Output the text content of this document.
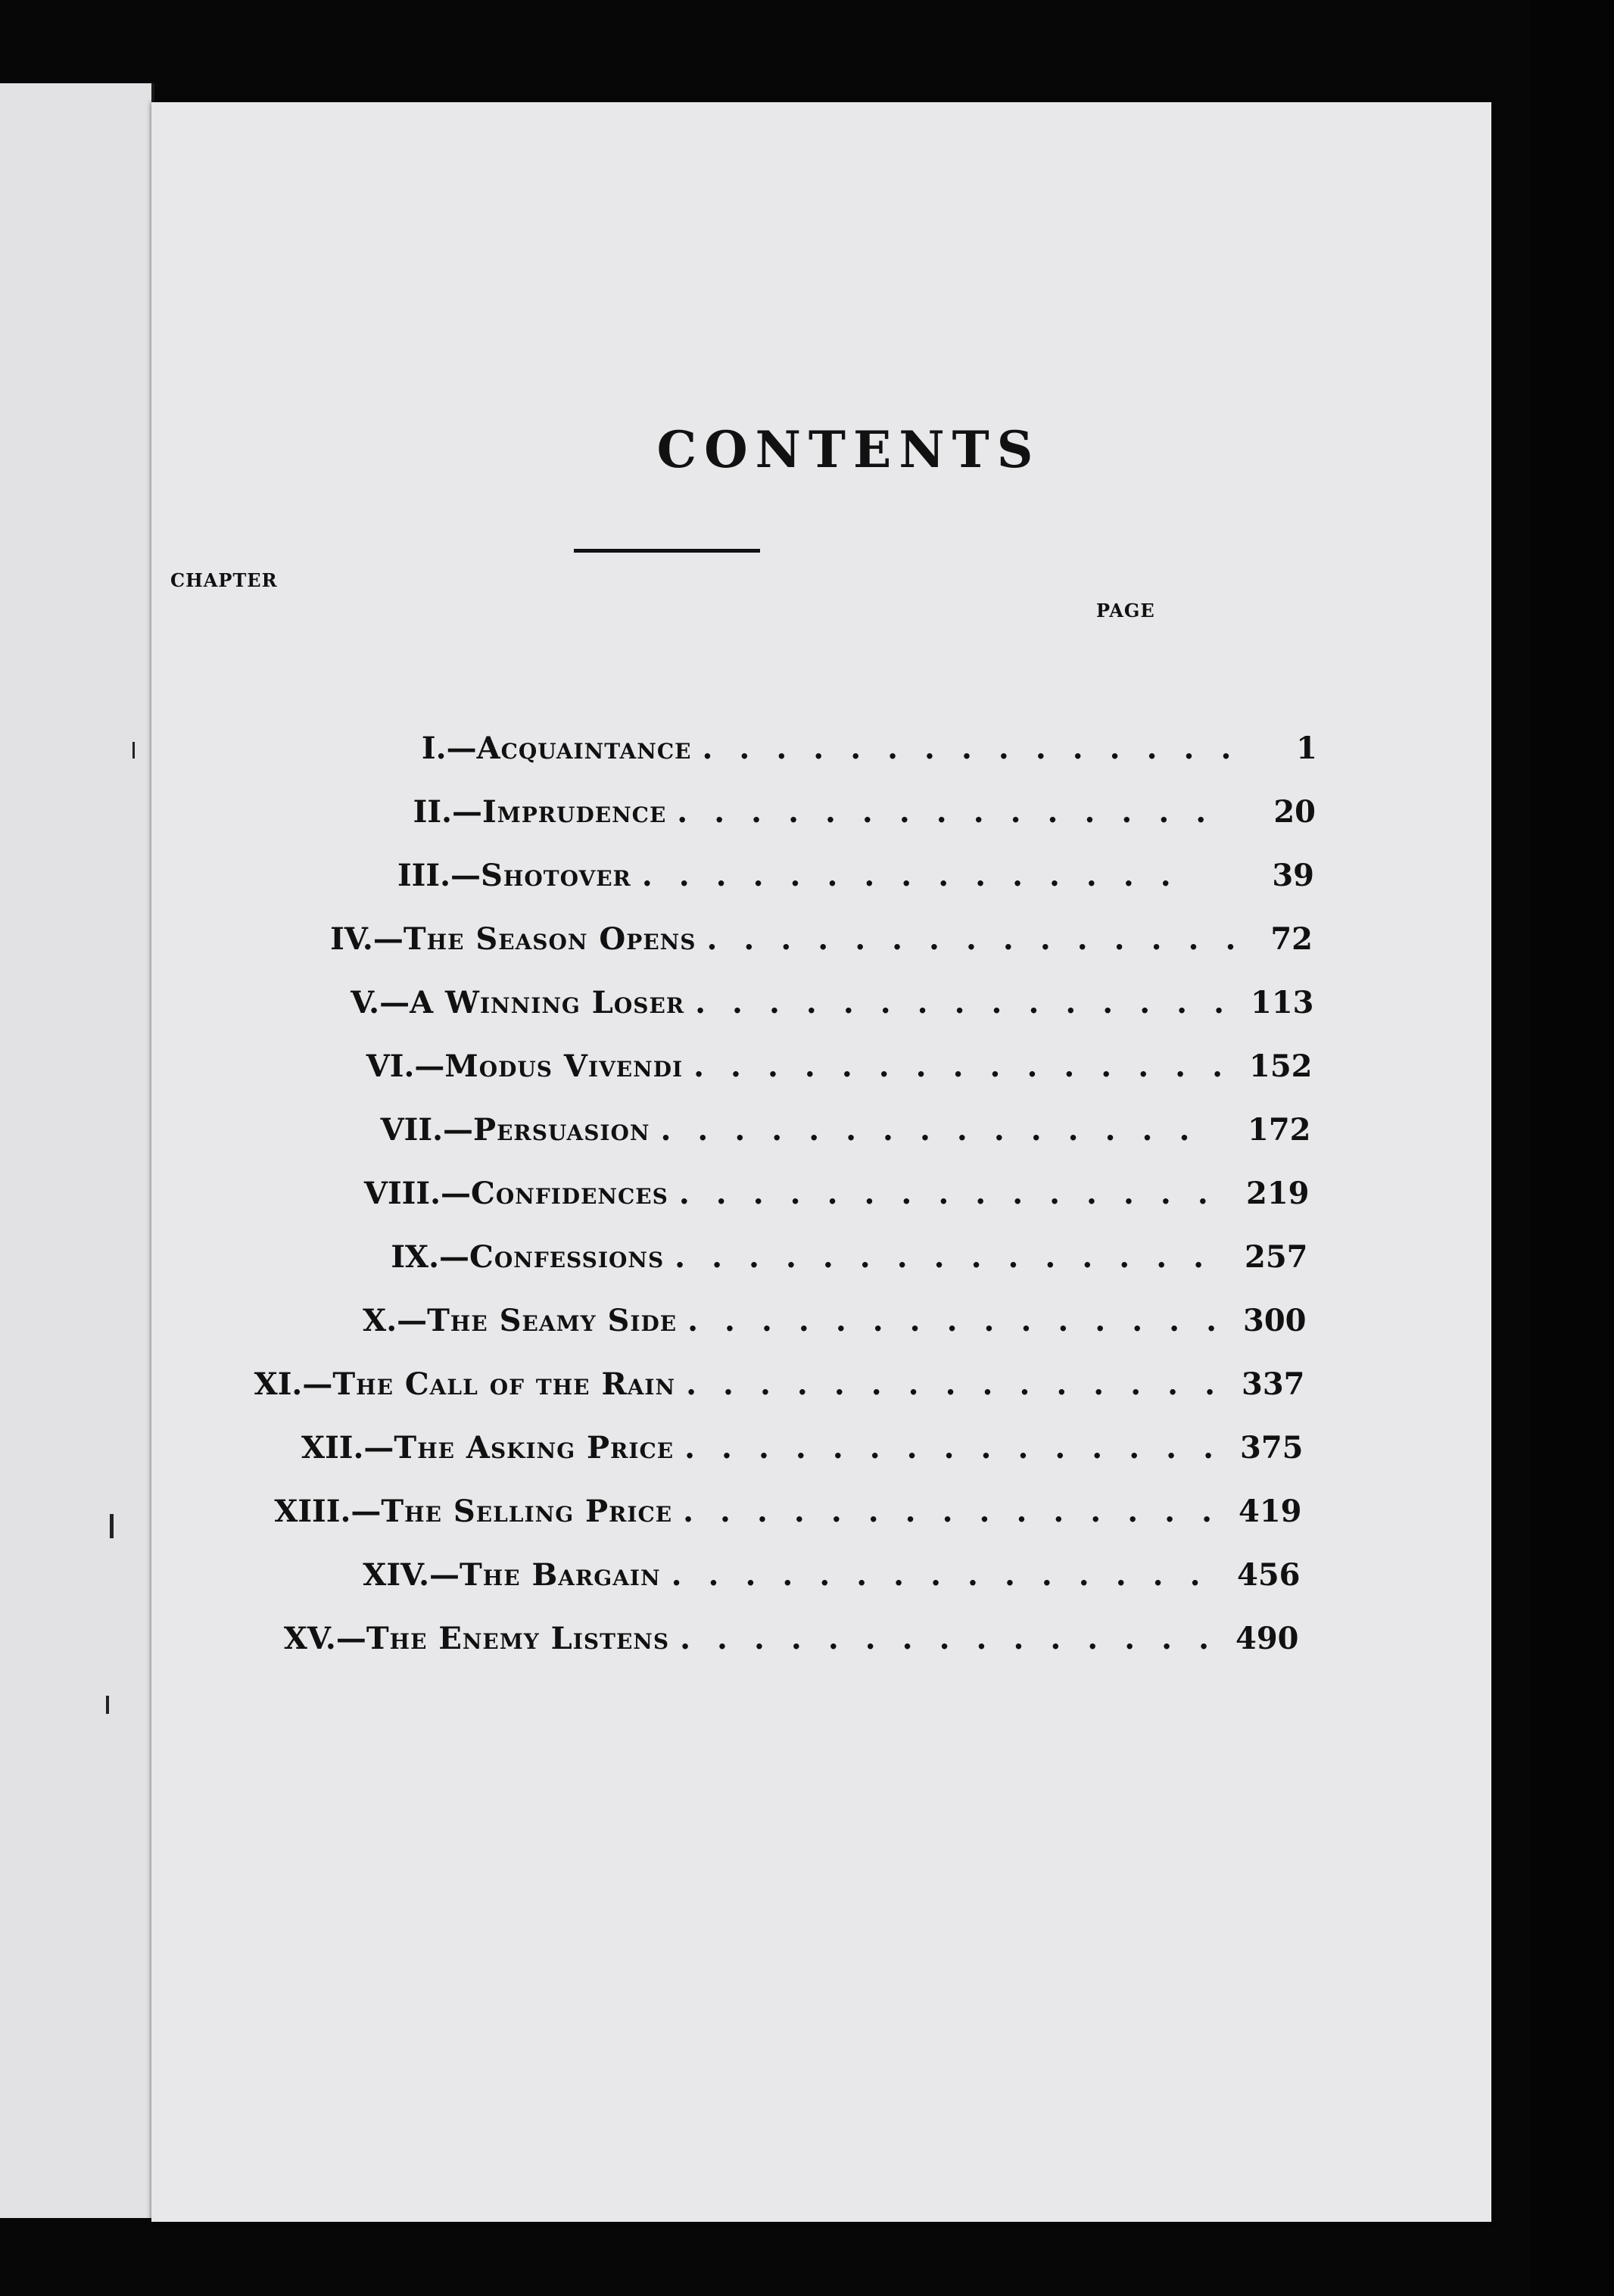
CONTENTS
CHAPTER
PAGE
I. — Acquaintance ...............	1
II. — Imprudence ...............	20
III. — Shotover ...............	39
IV. — The Season Opens ............... 72
V. — A Winning Loser ............... 113
VI. — Modus Vivendi ............... 152
VII. — Persuasion ...............	172
VIII. — Confidences ............... 219
IX. — Confessions ............... 257
X. — The Seamy Side ............... 300
XI. — The Call of the Rain ............... 337
XII. — The Asking Price ............... 375
XIII. — The Selling Price ............... 419
XIV. — The Bargain ............... 456
XV. — The Enemy Listens ............... 490
